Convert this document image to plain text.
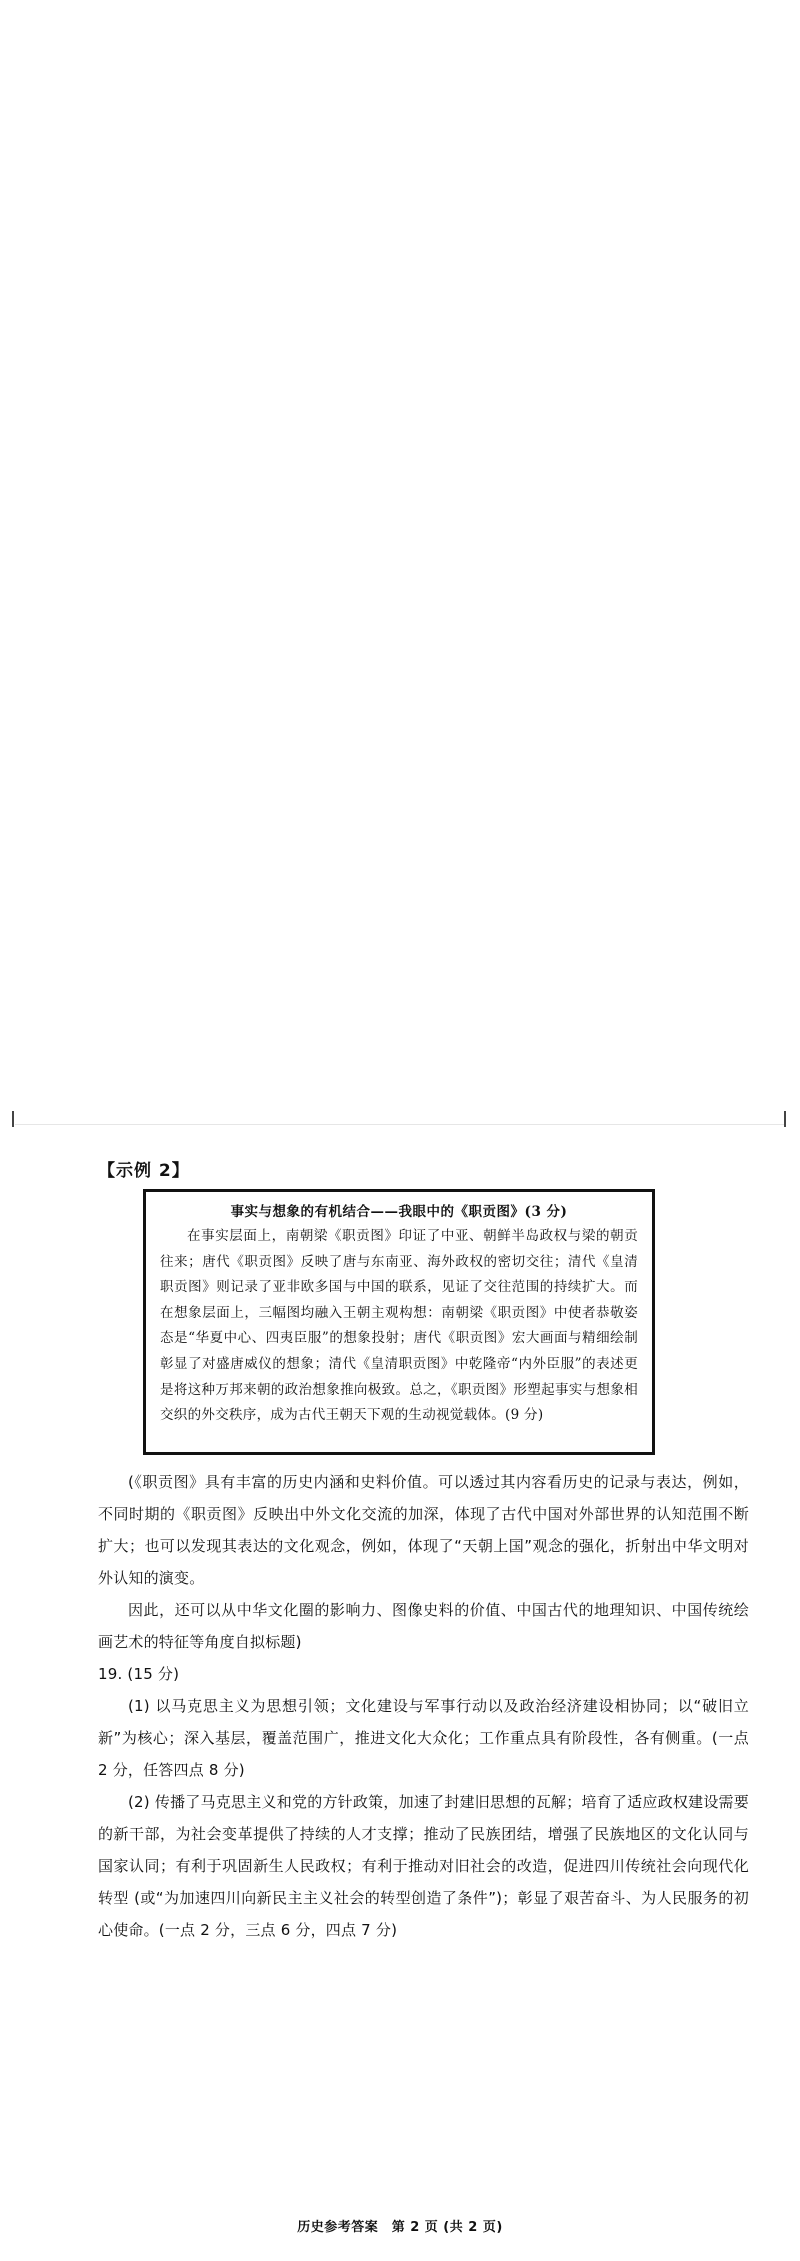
【示例 2】
事实与想象的有机结合——我眼中的《职贡图》(3 分)
在事实层面上，南朝梁《职贡图》印证了中亚、朝鲜半岛政权与梁的朝贡往来；唐代《职贡图》反映了唐与东南亚、海外政权的密切交往；清代《皇清职贡图》则记录了亚非欧多国与中国的联系，见证了交往范围的持续扩大。而在想象层面上，三幅图均融入王朝主观构想：南朝梁《职贡图》中使者恭敬姿态是“华夏中心、四夷臣服”的想象投射；唐代《职贡图》宏大画面与精细绘制彰显了对盛唐威仪的想象；清代《皇清职贡图》中乾隆帝“内外臣服”的表述更是将这种万邦来朝的政治想象推向极致。总之，《职贡图》形塑起事实与想象相交织的外交秩序，成为古代王朝天下观的生动视觉载体。(9 分)

(《职贡图》具有丰富的历史内涵和史料价值。可以透过其内容看历史的记录与表达，例如，不同时期的《职贡图》反映出中外文化交流的加深，体现了古代中国对外部世界的认知范围不断扩大；也可以发现其表达的文化观念，例如，体现了“天朝上国”观念的强化，折射出中华文明对外认知的演变。

因此，还可以从中华文化圈的影响力、图像史料的价值、中国古代的地理知识、中国传统绘画艺术的特征等角度自拟标题)

19. (15 分)

(1) 以马克思主义为思想引领；文化建设与军事行动以及政治经济建设相协同；以“破旧立新”为核心；深入基层，覆盖范围广，推进文化大众化；工作重点具有阶段性，各有侧重。(一点 2 分，任答四点 8 分)

(2) 传播了马克思主义和党的方针政策，加速了封建旧思想的瓦解；培育了适应政权建设需要的新干部，为社会变革提供了持续的人才支撑；推动了民族团结，增强了民族地区的文化认同与国家认同；有利于巩固新生人民政权；有利于推动对旧社会的改造，促进四川传统社会向现代化转型 (或“为加速四川向新民主主义社会的转型创造了条件”)；彰显了艰苦奋斗、为人民服务的初心使命。(一点 2 分，三点 6 分，四点 7 分)

历史参考答案　第 2 页 (共 2 页)
